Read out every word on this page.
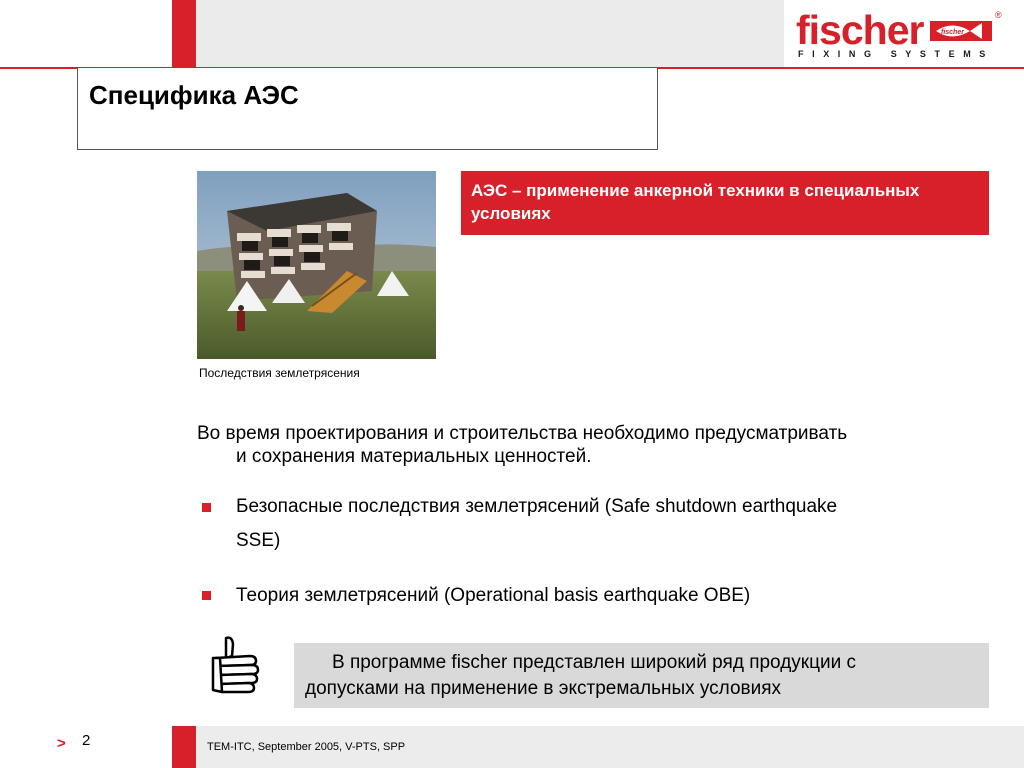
fischer	fischer
®
FIXING SYSTEMS
Специфика АЭС
Последствия землетрясения
АЭС – применение анкерной техники в специальных условиях
Во время проектирования и строительства необходимо предусматривать
и сохранения материальных ценностей.
Безопасные последствия землетрясений (Safe shutdown earthquake
SSE)
Теория землетрясений (Operational basis earthquake OBE)
В программе fischer представлен широкий ряд продукции с
допусками на применение в экстремальных условиях
> 2	TEM-ITC, September 2005, V-PTS, SPP
